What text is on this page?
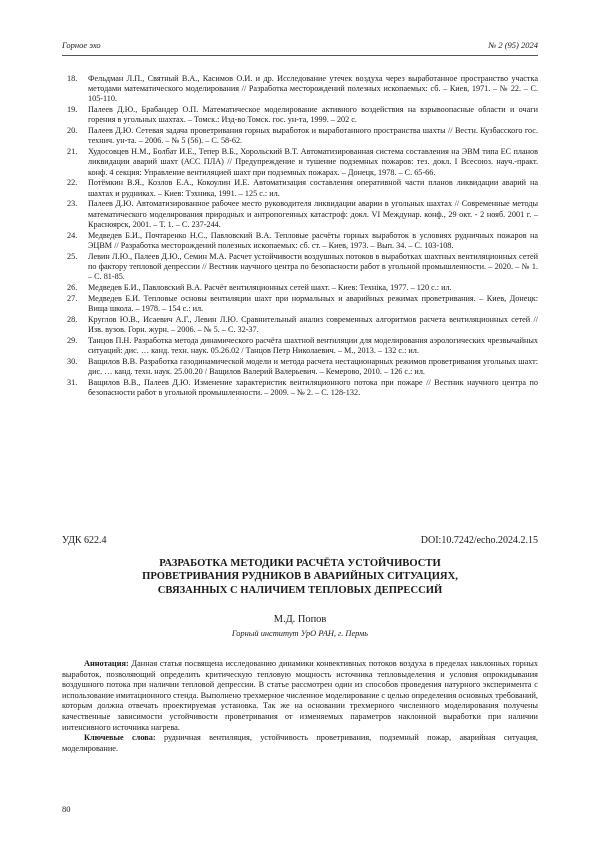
Горное эхо	№ 2 (95) 2024
18. Фельдман Л.П., Святный В.А., Касимов О.И. и др. Исследование утечек воздуха через выработанное пространство участка методами математического моделирования // Разработка месторождений полезных ископаемых: сб. – Киев, 1971. – № 22. – С. 105-110.
19. Палеев Д.Ю., Брабандер О.П. Математическое моделирование активного воздействия на взрывоопасные области и очаги горения в угольных шахтах. – Томск.: Изд-во Томск. гос. ун-та, 1999. – 202 с.
20. Палеев Д.Ю. Сетевая задача проветривания горных выработок и выработанного пространства шахты // Вестн. Кузбасского гос. технич. ун-та. – 2006. – № 5 (56). – С. 58-62.
21. Худосовцев Н.М., Болбат И.Е., Тепер В.Б., Хорольский В.Т. Автоматизированная система составления на ЭВМ типа ЕС планов ликвидации аварий шахт (АСС ПЛА) // Предупреждение и тушение подземных пожаров: тез. докл. I Всесоюз. науч.-практ. конф. 4 секция: Управление вентиляцией шахт при подземных пожарах. – Донецк, 1978. – С. 65-66.
22. Потёмкин В.Я., Козлов Е.А., Кокоулин И.Е. Автоматизация составления оперативной части планов ликвидации аварий на шахтах и рудниках. – Киев: Тэхника, 1991. – 125 с.: ил.
23. Палеев Д.Ю. Автоматизированное рабочее место руководителя ликвидации аварии в угольных шахтах // Современные методы математического моделирования природных и антропогенных катастроф: докл. VI Междунар. конф., 29 окт. - 2 нояб. 2001 г. – Красноярск, 2001. – Т. 1. – С. 237-244.
24. Медведев Б.И., Почтаренко Н.С., Павловский В.А. Тепловые расчёты горных выработок в условиях рудничных пожаров на ЭЦВМ // Разработка месторождений полезных ископаемых: сб. ст. – Киев, 1973. – Вып. 34. – С. 103-108.
25. Левин Л.Ю., Палеев Д.Ю., Семин М.А. Расчет устойчивости воздушных потоков в выработках шахтных вентиляционных сетей по фактору тепловой депрессии // Вестник научного центра по безопасности работ в угольной промышленности. – 2020. – № 1. – С. 81-85.
26. Медведев Б.И., Павловский В.А. Расчёт вентиляционных сетей шахт. – Киев: Технiка, 1977. – 120 с.: ил.
27. Медведев Б.И. Тепловые основы вентиляции шахт при нормальных и аварийных режимах проветривания. – Киев, Донецк: Вища школа. – 1978. – 154 с.: ил.
28. Круглов Ю.В., Исаевич А.Г., Левин Л.Ю. Сравнительный анализ современных алгоритмов расчета вентиляционных сетей // Изв. вузов. Горн. журн. – 2006. – № 5. – С. 32-37.
29. Танцов П.Н. Разработка метода динамического расчёта шахтной вентиляции для моделирования аэрологических чрезвычайных ситуаций: дис. … канд. техн. наук. 05.26.02 / Танцов Петр Николаевич. – М., 2013. – 132 с.: ил.
30. Ващилов В.В. Разработка газодинамической модели и метода расчета нестационарных режимов проветривания угольных шахт: дис. … канд. техн. наук. 25.00.20 / Ващилов Валерий Валерьевич. – Кемерово, 2010. – 126 с.: ил.
31. Ващилов В.В., Палеев Д.Ю. Изменение характеристик вентиляционного потока при пожаре // Вестник научного центра по безопасности работ в угольной промышленности. – 2009. – № 2. – С. 128-132.
УДК 622.4	DOI:10.7242/echo.2024.2.15
РАЗРАБОТКА МЕТОДИКИ РАСЧЁТА УСТОЙЧИВОСТИ
ПРОВЕТРИВАНИЯ РУДНИКОВ В АВАРИЙНЫХ СИТУАЦИЯХ,
СВЯЗАННЫХ С НАЛИЧИЕМ ТЕПЛОВЫХ ДЕПРЕССИЙ
М.Д. Попов
Горный институт УрО РАН, г. Пермь

Аннотация: Данная статья посвящена исследованию динамики конвективных потоков воздуха в пределах наклонных горных выработок, позволяющий определить критическую тепловую мощность источника тепловыделения и условия опрокидывания воздушного потока при наличии тепловой депрессии. В статье рассмотрен один из способов проведения натурного эксперимента с использование имитационного стенда. Выполнено трехмерное численное моделирование с целью определения основных требований, которым должна отвечать проектируемая установка. Так же на основании трехмерного численного моделирования получены качественные зависимости устойчивости проветривания от изменяемых параметров наклонной выработки при наличии интенсивного источника нагрева.

Ключевые слова: рудничная вентиляция, устойчивость проветривания, подземный пожар, аварийная ситуация, моделирование.

80
